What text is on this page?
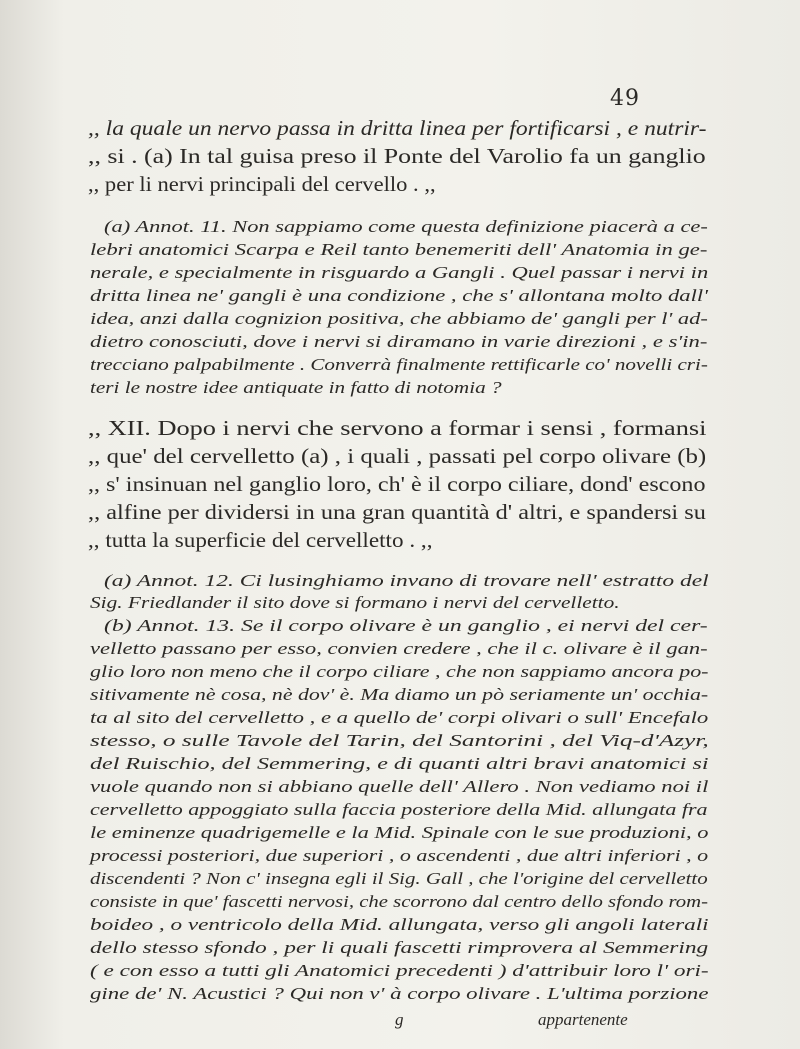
49
,, la quale un nervo passa in dritta linea per fortificarsi , e nutrir-
,, si . (a) In tal guisa preso il Ponte del Varolio fa un ganglio
,, per li nervi principali del cervello . ,,
(a) Annot. 11. Non sappiamo come questa definizione piacerà a ce-
lebri anatomici Scarpa e Reil tanto benemeriti dell' Anatomia in ge-
nerale, e specialmente in risguardo a Gangli . Quel passar i nervi in
dritta linea ne' gangli è una condizione , che s' allontana molto dall'
idea, anzi dalla cognizion positiva, che abbiamo de' gangli per l' ad-
dietro conosciuti, dove i nervi si diramano in varie direzioni , e s'in-
trecciano palpabilmente . Converrà finalmente rettificarle co' novelli cri-
teri le nostre idee antiquate in fatto di notomia ?
,, XII. Dopo i nervi che servono a formar i sensi , formansi
,, que' del cervelletto (a) , i quali , passati pel corpo olivare (b)
,, s' insinuan nel ganglio loro, ch' è il corpo ciliare, dond' escono
,, alfine per dividersi in una gran quantità d' altri, e spandersi su
,, tutta la superficie del cervelletto . ,,
(a) Annot. 12. Ci lusinghiamo invano di trovare nell' estratto del
Sig. Friedlander il sito dove si formano i nervi del cervelletto.
(b) Annot. 13. Se il corpo olivare è un ganglio , ei nervi del cer-
velletto passano per esso, convien credere , che il c. olivare è il gan-
glio loro non meno che il corpo ciliare , che non sappiamo ancora po-
sitivamente nè cosa, nè dov' è. Ma diamo un pò seriamente un' occhia-
ta al sito del cervelletto , e a quello de' corpi olivari o sull' Encefalo
stesso, o sulle Tavole del Tarin, del Santorini , del Viq-d'Azyr,
del Ruischio, del Semmering, e di quanti altri bravi anatomici si
vuole quando non si abbiano quelle dell' Allero . Non vediamo noi il
cervelletto appoggiato sulla faccia posteriore della Mid. allungata fra
le eminenze quadrigemelle e la Mid. Spinale con le sue produzioni, o
processi posteriori, due superiori , o ascendenti , due altri inferiori , o
discendenti ? Non c' insegna egli il Sig. Gall , che l'origine del cervelletto
consiste in que' fascetti nervosi, che scorrono dal centro dello sfondo rom-
boideo , o ventricolo della Mid. allungata, verso gli angoli laterali
dello stesso sfondo , per li quali fascetti rimprovera al Semmering
( e con esso a tutti gli Anatomici precedenti ) d'attribuir loro l' ori-
gine de' N. Acustici ? Qui non v' à corpo olivare . L'ultima porzione
g	appartenente
